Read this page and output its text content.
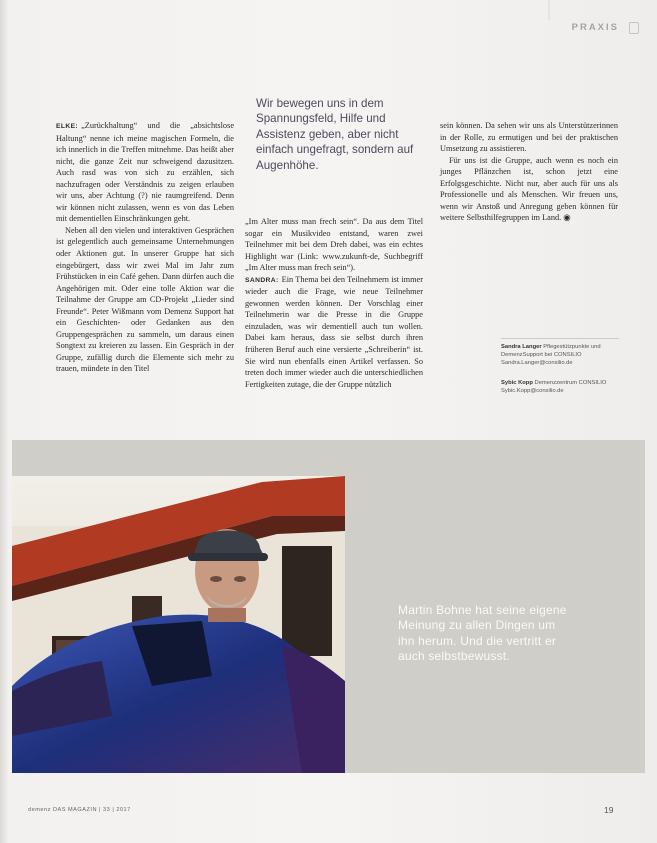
PRAXIS
Wir bewegen uns in dem Spannungsfeld, Hilfe und Assistenz geben, aber nicht einfach ungefragt, sondern auf Augenhöhe.

ELKE: „Zurückhaltung“ und die „absichtslose Haltung“ nenne ich meine magischen Formeln, die ich innerlich in die Treffen mitnehme. Das heißt aber nicht, die ganze Zeit nur schweigend dazusitzen. Auch rasd was von sich zu erzählen, sich nachzufragen oder Verständnis zu zeigen erlauben wir uns, aber Achtung (?) nie raumgreifend. Denn wir können nicht zulassen, wenn es von das Leben mit dementiellen Einschränkungen geht.

Neben all den vielen und interaktiven Gesprächen ist gelegentlich auch gemeinsame Unternehmungen oder Aktionen gut. In unserer Gruppe hat sich eingebürgert, dass wir zwei Mal im Jahr zum Frühstücken in ein Café gehen. Dann dürfen auch die Angehörigen mit. Oder eine tolle Aktion war die Teilnahme der Gruppe am CD-Projekt „Lieder sind Freunde“. Peter Wißmann vom Demenz Support hat ein Geschichten- oder Gedanken aus den Gruppengesprächen zu sammeln, um daraus einen Songtext zu kreieren zu lassen. Ein Gespräch in der Gruppe, zufällig durch die Elemente sich mehr zu trauen, mündete in den Titel

„Im Alter muss man frech sein“. Da aus dem Titel sogar ein Musikvideo entstand, waren zwei Teilnehmer mit bei dem Dreh dabei, was ein echtes Highlight war (Link: www.zukunft-de, Suchbegriff „Im Alter muss man frech sein“).

SANDRA: Ein Thema bei den Teilnehmern ist immer wieder auch die Frage, wie neue Teilnehmer gewonnen werden können. Der Vorschlag einer Teilnehmerin war die Presse in die Gruppe einzuladen, was wir dementiell auch tun wollen. Dabei kam heraus, dass sie selbst durch ihren früheren Beruf auch eine versierte „Schreiberin“ ist. Sie wird nun ebenfalls einen Artikel verfassen. So treten doch immer wieder auch die unterschiedlichen Fertigkeiten zutage, die der Gruppe nützlich

sein können. Da sehen wir uns als Unterstützerinnen in der Rolle, zu ermutigen und bei der praktischen Umsetzung zu assistieren.

Für uns ist die Gruppe, auch wenn es noch ein junges Pflänzchen ist, schon jetzt eine Erfolgsgeschichte. Nicht nur, aber auch für uns als Professionelle und als Menschen. Wir freuen uns, wenn wir Anstoß und Anregung geben können für weitere Selbsthilfegruppen im Land. ◉

Sandra Langer Pflegestützpunkte und DemenzSupport bei CONSILIO
Sandra.Langer@consilio.de
Sybic Kopp Demenzzentrum CONSILIO
Sybic.Kopp@consilio.de
Martin Bohne hat seine eigene Meinung zu allen Dingen um ihn herum. Und die vertritt er auch selbstbewusst.
demenz DAS MAGAZIN | 33 | 2017	19
